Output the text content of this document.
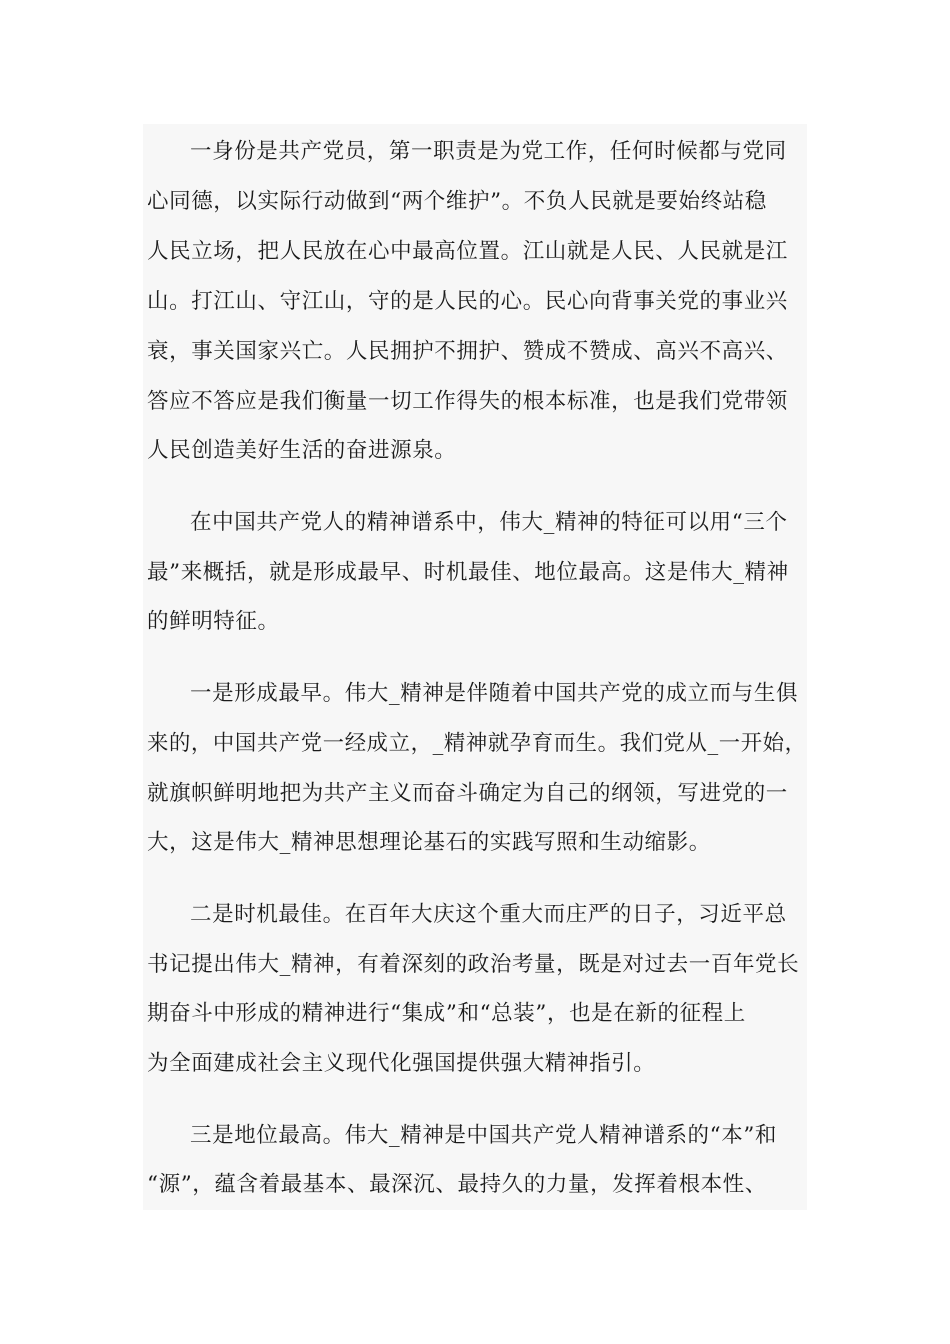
一身份是共产党员，第一职责是为党工作，任何时候都与党同
心同德，以实际行动做到“两个维护”。不负人民就是要始终站稳
人民立场，把人民放在心中最高位置。江山就是人民、人民就是江
山。打江山、守江山，守的是人民的心。民心向背事关党的事业兴
衰，事关国家兴亡。人民拥护不拥护、赞成不赞成、高兴不高兴、
答应不答应是我们衡量一切工作得失的根本标准，也是我们党带领
人民创造美好生活的奋进源泉。
在中国共产党人的精神谱系中，伟大_精神的特征可以用“三个
最”来概括，就是形成最早、时机最佳、地位最高。这是伟大_精神
的鲜明特征。
一是形成最早。伟大_精神是伴随着中国共产党的成立而与生俱
来的，中国共产党一经成立，_精神就孕育而生。我们党从_一开始，
就旗帜鲜明地把为共产主义而奋斗确定为自己的纲领，写进党的一
大，这是伟大_精神思想理论基石的实践写照和生动缩影。
二是时机最佳。在百年大庆这个重大而庄严的日子，习近平总
书记提出伟大_精神，有着深刻的政治考量，既是对过去一百年党长
期奋斗中形成的精神进行“集成”和“总装”，也是在新的征程上
为全面建成社会主义现代化强国提供强大精神指引。
三是地位最高。伟大_精神是中国共产党人精神谱系的“本”和
“源”，蕴含着最基本、最深沉、最持久的力量，发挥着根本性、
